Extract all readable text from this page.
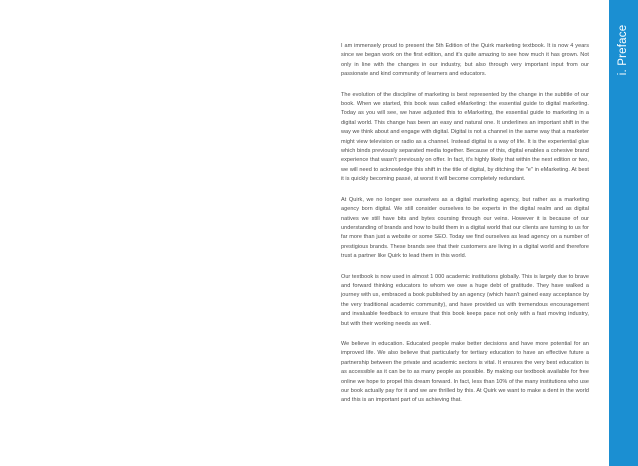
I am immensely proud to present the 5th Edition of the Quirk marketing textbook. It is now 4 years since we began work on the first edition, and it's quite amazing to see how much it has grown. Not only in line with the changes in our industry, but also through very important input from our passionate and kind community of learners and educators.

The evolution of the discipline of marketing is best represented by the change in the subtitle of our book. When we started, this book was called eMarketing: the essential guide to digital marketing. Today as you will see, we have adjusted this to eMarketing, the essential guide to marketing in a digital world. This change has been an easy and natural one. It underlines an important shift in the way we think about and engage with digital. Digital is not a channel in the same way that a marketer might view television or radio as a channel. Instead digital is a way of life. It is the experiential glue which binds previously separated media together. Because of this, digital enables a cohesive brand experience that wasn't previously on offer. In fact, it's highly likely that within the next edition or two, we will need to acknowledge this shift in the title of digital, by ditching the "e" in eMarketing. At best it is quickly becoming passé, at worst it will become completely redundant.

At Quirk, we no longer see ourselves as a digital marketing agency, but rather as a marketing agency born digital. We still consider ourselves to be experts in the digital realm and as digital natives we still have bits and bytes coursing through our veins. However it is because of our understanding of brands and how to build them in a digital world that our clients are turning to us for far more than just a website or some SEO. Today we find ourselves as lead agency on a number of prestigious brands. These brands see that their customers are living in a digital world and therefore trust a partner like Quirk to lead them in this world.

Our textbook is now used in almost 1 000 academic institutions globally. This is largely due to brave and forward thinking educators to whom we owe a huge debt of gratitude. They have walked a journey with us, embraced a book published by an agency (which hasn't gained easy acceptance by the very traditional academic community), and have provided us with tremendous encouragement and invaluable feedback to ensure that this book keeps pace not only with a fast moving industry, but with their working needs as well.

We believe in education. Educated people make better decisions and have more potential for an improved life. We also believe that particularly for tertiary education to have an effective future a partnership between the private and academic sectors is vital. It ensures the very best education is as accessible as it can be to as many people as possible. By making our textbook available for free online we hope to propel this dream forward. In fact, less than 10% of the many institutions who use our book actually pay for it and we are thrilled by this. At Quirk we want to make a dent in the world and this is an important part of us achieving that.

i. Preface
